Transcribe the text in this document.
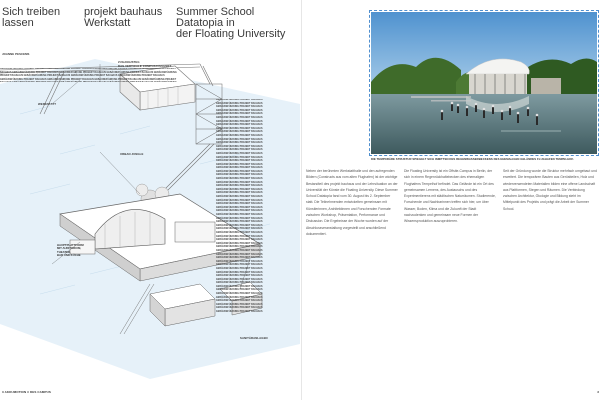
Sich treiben
lassen
projekt bauhaus
Werkstatt
Summer School
Datatopia in
der Floating University
GEBÄUDEFÜHRUNG PROJEKT BAUHAUS GEBÄUDEFÜHRUNG PROJEKT BAUHAUS GEBÄUDEFÜHRUNG PROJEKT BAUHAUS GEBÄUDEFÜHRUNG PROJEKT BAUHAUS GEBÄUDEFÜHRUNG PROJEKT BAUHAUS GEBÄUDEFÜHRUNG PROJEKT BAUHAUS GEBÄUDEFÜHRUNG PROJEKT BAUHAUS GEBÄUDEFÜHRUNG PROJEKT BAUHAUS GEBÄUDEFÜHRUNG PROJEKT BAUHAUS GEBÄUDEFÜHRUNG PROJEKT BAUHAUS GEBÄUDEFÜHRUNG PROJEKT BAUHAUS GEBÄUDEFÜHRUNG PROJEKT BAUHAUS GEBÄUDEFÜHRUNG PROJEKT BAUHAUS GEBÄUDEFÜHRUNG PROJEKT BAUHAUS GEBÄUDEFÜHRUNG PROJEKT
GEBÄUDEFÜHRUNG PROJEKT BAUHAUS GEBÄUDEFÜHRUNG PROJEKT BAUHAUS GEBÄUDEFÜHRUNG PROJEKT BAUHAUS GEBÄUDEFÜHRUNG PROJEKT BAUHAUS GEBÄUDEFÜHRUNG PROJEKT BAUHAUS GEBÄUDEFÜHRUNG PROJEKT BAUHAUS GEBÄUDEFÜHRUNG PROJEKT BAUHAUS GEBÄUDEFÜHRUNG PROJEKT BAUHAUS GEBÄUDEFÜHRUNG PROJEKT BAUHAUS GEBÄUDEFÜHRUNG PROJEKT BAUHAUS GEBÄUDEFÜHRUNG PROJEKT BAUHAUS GEBÄUDEFÜHRUNG PROJEKT BAUHAUS GEBÄUDEFÜHRUNG PROJEKT BAUHAUS GEBÄUDEFÜHRUNG PROJEKT BAUHAUS GEBÄUDEFÜHRUNG PROJEKT BAUHAUS GEBÄUDEFÜHRUNG PROJEKT BAUHAUS GEBÄUDEFÜHRUNG PROJEKT BAUHAUS GEBÄUDEFÜHRUNG PROJEKT BAUHAUS GEBÄUDEFÜHRUNG PROJEKT BAUHAUS GEBÄUDEFÜHRUNG PROJEKT BAUHAUS GEBÄUDEFÜHRUNG PROJEKT BAUHAUS GEBÄUDEFÜHRUNG PROJEKT BAUHAUS GEBÄUDEFÜHRUNG PROJEKT BAUHAUS GEBÄUDEFÜHRUNG PROJEKT BAUHAUS GEBÄUDEFÜHRUNG PROJEKT BAUHAUS GEBÄUDEFÜHRUNG PROJEKT BAUHAUS GEBÄUDEFÜHRUNG PROJEKT BAUHAUS GEBÄUDEFÜHRUNG PROJEKT BAUHAUS GEBÄUDEFÜHRUNG PROJEKT BAUHAUS GEBÄUDEFÜHRUNG PROJEKT BAUHAUS GEBÄUDEFÜHRUNG PROJEKT BAUHAUS GEBÄUDEFÜHRUNG PROJEKT BAUHAUS GEBÄUDEFÜHRUNG PROJEKT BAUHAUS GEBÄUDEFÜHRUNG PROJEKT BAUHAUS GEBÄUDEFÜHRUNG PROJEKT BAUHAUS GEBÄUDEFÜHRUNG PROJEKT BAUHAUS GEBÄUDEFÜHRUNG PROJEKT BAUHAUS GEBÄUDEFÜHRUNG PROJEKT BAUHAUS GEBÄUDEFÜHRUNG PROJEKT BAUHAUS GEBÄUDEFÜHRUNG PROJEKT BAUHAUS GEBÄUDEFÜHRUNG PROJEKT BAUHAUS GEBÄUDEFÜHRUNG PROJEKT BAUHAUS GEBÄUDEFÜHRUNG PROJEKT BAUHAUS GEBÄUDEFÜHRUNG PROJEKT BAUHAUS GEBÄUDEFÜHRUNG PROJEKT BAUHAUS GEBÄUDEFÜHRUNG PROJEKT BAUHAUS GEBÄUDEFÜHRUNG PROJEKT BAUHAUS GEBÄUDEFÜHRUNG PROJEKT BAUHAUS GEBÄUDEFÜHRUNG PROJEKT BAUHAUS GEBÄUDEFÜHRUNG PROJEKT BAUHAUS GEBÄUDEFÜHRUNG PROJEKT BAUHAUS GEBÄUDEFÜHRUNG PROJEKT BAUHAUS GEBÄUDEFÜHRUNG PROJEKT BAUHAUS GEBÄUDEFÜHRUNG PROJEKT BAUHAUS GEBÄUDEFÜHRUNG PROJEKT BAUHAUS GEBÄUDEFÜHRUNG PROJEKT BAUHAUS GEBÄUDEFÜHRUNG PROJEKT BAUHAUS GEBÄUDEFÜHRUNG PROJEKT BAUHAUS GEBÄUDEFÜHRUNG PROJEKT BAUHAUS GEBÄUDEFÜHRUNG PROJEKT BAUHAUS
JOANNE PESCEMS
ZUGANG/STEG
DAS VERTICALE KOMPOSTPROJEKT
WERKSTATT
URBAN JUNGLE
HAUPTPLATTFORM
MIT AUDITORIUM, THEATER,
BAR UND KÜCHE
SANITÄRANLAGEN
3 AKKUMOTION // DES CAMPUS
DIE TEMPORÄRE STRUKTUR SPIEGELT SICH INMITTEN DES REGENWASSERBECKENS DES EHEMALIGEN GELÄNDES FLUGHAFEN TEMPELHOF.
Neben der berühmten Werkstatthalle und den aufregenden Bildern (Constructs aus vom alten Flughafen) ist der wichtige Bestandteil des projekt bauhaus und der Lehrsituation an der Universität der Künste die Floating University. Diese Summer School Datatopia fand vom 30. August bis 2. September statt. Die Teilnehmenden entwickelten gemeinsam mit Künstlerinnen, Architektinnen und Forschenden Formate zwischen Workshop, Präsentation, Performance und Diskussion. Die Ergebnisse der Woche wurden auf der Abschlussveranstaltung vorgestellt und anschließend dokumentiert.
Die Floating University ist ein Offsite-Campus in Berlin, der sich in einem Regenrückhaltebecken des ehemaligen Flughafens Tempelhof befindet. Das Gelände ist ein Ort des gemeinsamen Lernens, des Austauschs und des Experimentierens mit städtischen Naturräumen. Studierende, Forschende und Nachbarinnen treffen sich hier, um über Wasser, Boden, Klima und die Zukunft der Stadt nachzudenken und gemeinsam neue Formen der Wissensproduktion auszuprobieren.
Seit der Gründung wurde die Struktur mehrfach umgebaut und erweitert. Die temporären Bauten aus Gerüstteilen, Holz und wiederverwendeten Materialien bilden eine offene Landschaft aus Plattformen, Stegen und Räumen. Die Verbindung zwischen Architektur, Ökologie und Bildung steht im Mittelpunkt des Projekts und prägt die Arbeit der Summer School.
3
